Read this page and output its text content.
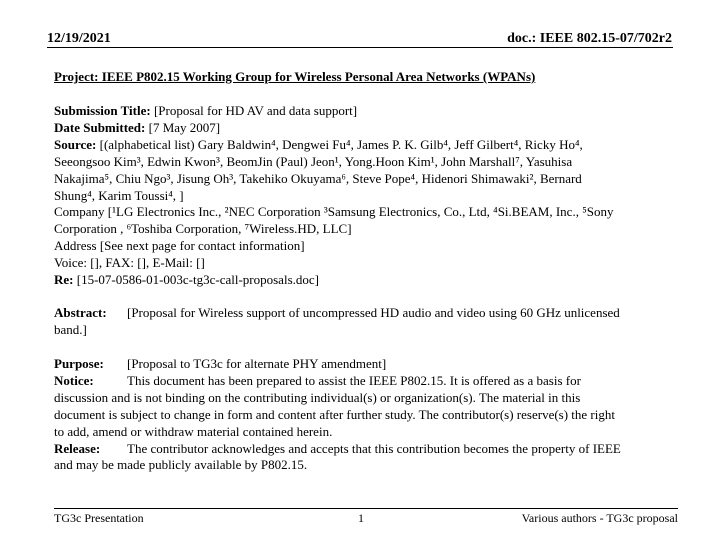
12/19/2021	doc.: IEEE 802.15-07/702r2
Project: IEEE P802.15 Working Group for Wireless Personal Area Networks (WPANs)
Submission Title: [Proposal for HD AV and data support]
Date Submitted: [7 May 2007]
Source: [(alphabetical list) Gary Baldwin⁴, Dengwei Fu⁴, James P. K. Gilb⁴, Jeff Gilbert⁴, Ricky Ho⁴,
Seeongsoo Kim³, Edwin Kwon³, BeomJin (Paul) Jeon¹, Yong.Hoon Kim¹, John Marshall⁷, Yasuhisa
Nakajima⁵, Chiu Ngo³, Jisung Oh³, Takehiko Okuyama⁶, Steve Pope⁴, Hidenori Shimawaki², Bernard
Shung⁴, Karim Toussi⁴, ]
Company [¹LG Electronics Inc., ²NEC Corporation ³Samsung Electronics, Co., Ltd, ⁴Si.BEAM, Inc., ⁵Sony
Corporation , ⁶Toshiba Corporation, ⁷Wireless.HD, LLC]
Address [See next page for contact information]
Voice: [], FAX: [], E-Mail: []
Re: [15-07-0586-01-003c-tg3c-call-proposals.doc]
Abstract: [Proposal for Wireless support of uncompressed HD audio and video using 60 GHz unlicensed
band.]
Purpose: [Proposal to TG3c for alternate PHY amendment]
Notice:	This document has been prepared to assist the IEEE P802.15. It is offered as a basis for
discussion and is not binding on the contributing individual(s) or organization(s). The material in this
document is subject to change in form and content after further study. The contributor(s) reserve(s) the right
to add, amend or withdraw material contained herein.
Release: The contributor acknowledges and accepts that this contribution becomes the property of IEEE
and may be made publicly available by P802.15.
TG3c Presentation	1	Various authors - TG3c proposal
